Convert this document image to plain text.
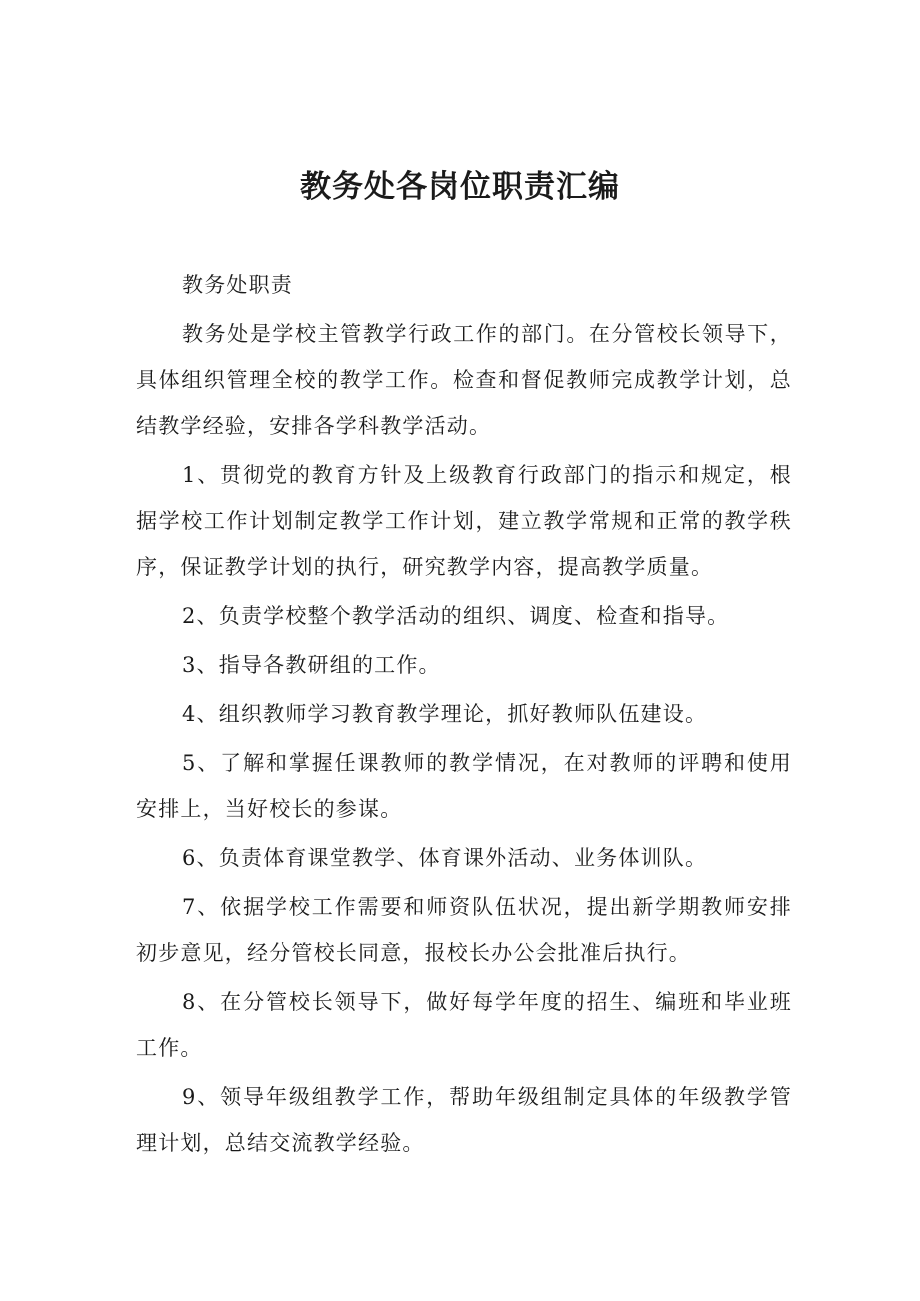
教务处各岗位职责汇编

教务处职责

教务处是学校主管教学行政工作的部门。在分管校长领导下，具体组织管理全校的教学工作。检查和督促教师完成教学计划，总结教学经验，安排各学科教学活动。

1、贯彻党的教育方针及上级教育行政部门的指示和规定，根据学校工作计划制定教学工作计划，建立教学常规和正常的教学秩序，保证教学计划的执行，研究教学内容，提高教学质量。

2、负责学校整个教学活动的组织、调度、检查和指导。

3、指导各教研组的工作。

4、组织教师学习教育教学理论，抓好教师队伍建设。

5、了解和掌握任课教师的教学情况，在对教师的评聘和使用安排上，当好校长的参谋。

6、负责体育课堂教学、体育课外活动、业务体训队。

7、依据学校工作需要和师资队伍状况，提出新学期教师安排初步意见，经分管校长同意，报校长办公会批准后执行。

8、在分管校长领导下，做好每学年度的招生、编班和毕业班工作。

9、领导年级组教学工作，帮助年级组制定具体的年级教学管理计划，总结交流教学经验。
